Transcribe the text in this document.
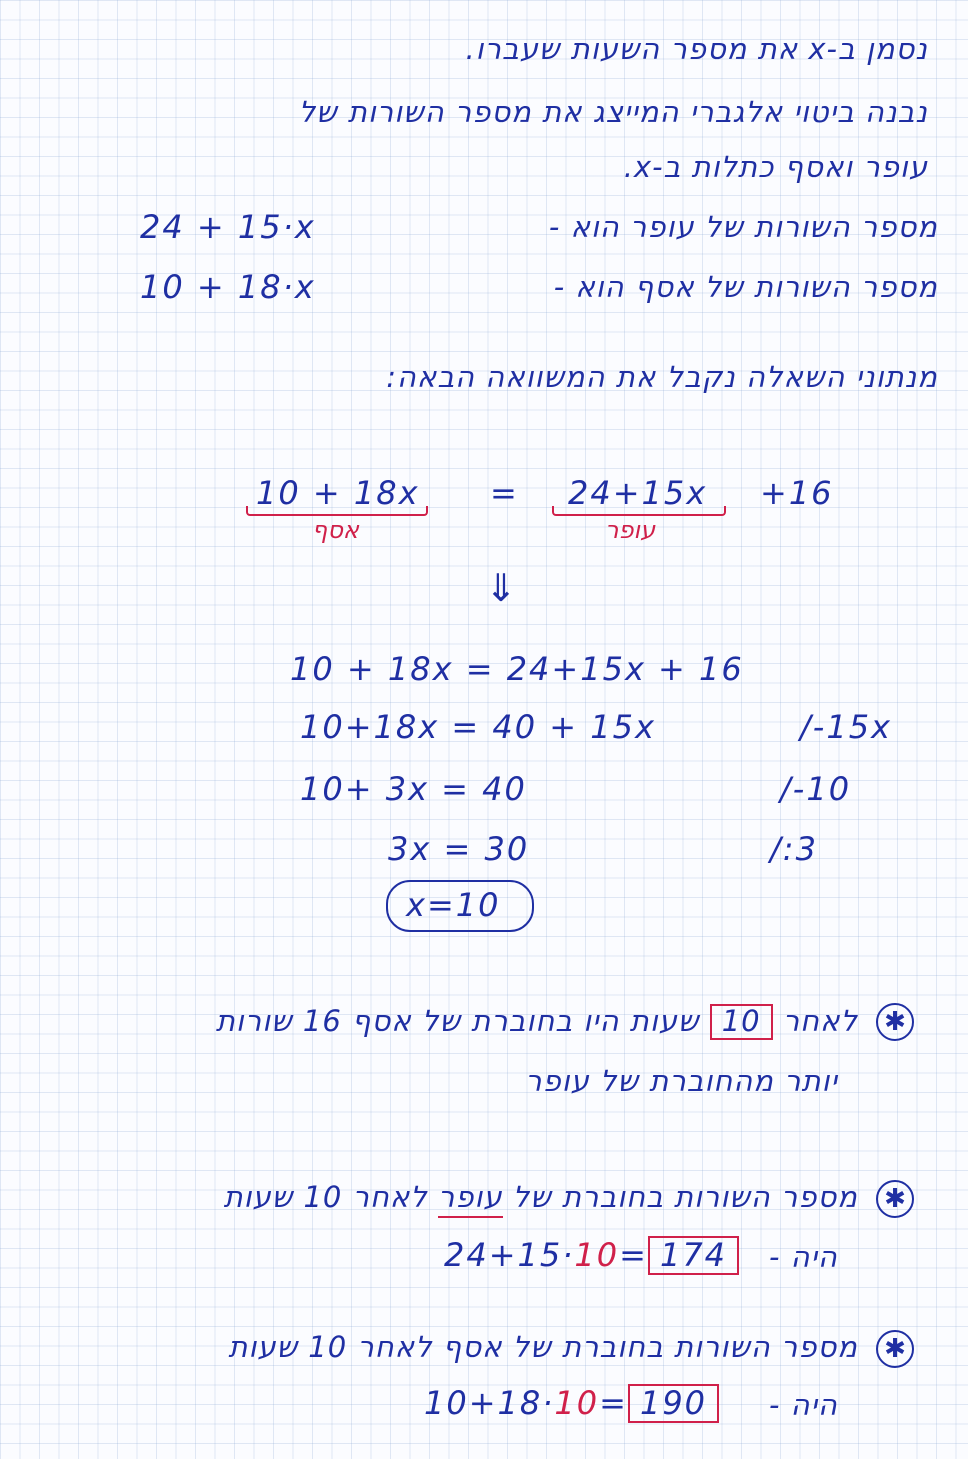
נסמן ב-x את מספר השעות שעברו.
נבנה ביטוי אלגברי המייצג את מספר השורות של
עופר ואסף כתלות ב-x.
מספר השורות של עופר הוא -
24 + 15·x
מספר השורות של אסף הוא -
10 + 18·x
מנתוני השאלה נקבל את המשוואה הבאה:
10 + 18x
אסף
= 24+15x
עופר
+16
⇓
10 + 18x = 24+15x + 16
10+18x = 40 + 15x	/-15x
10+ 3x = 40	/-10
3x = 30	/:3
x=10
✱
לאחר 10 שעות היו בחוברת של אסף 16 שורות
יותר מהחוברת של עופר
✱
מספר השורות בחוברת של עופר לאחר 10 שעות
היה -
24+15·10= 174
✱
מספר השורות בחוברת של אסף לאחר 10 שעות
היה -
10+18·10= 190
